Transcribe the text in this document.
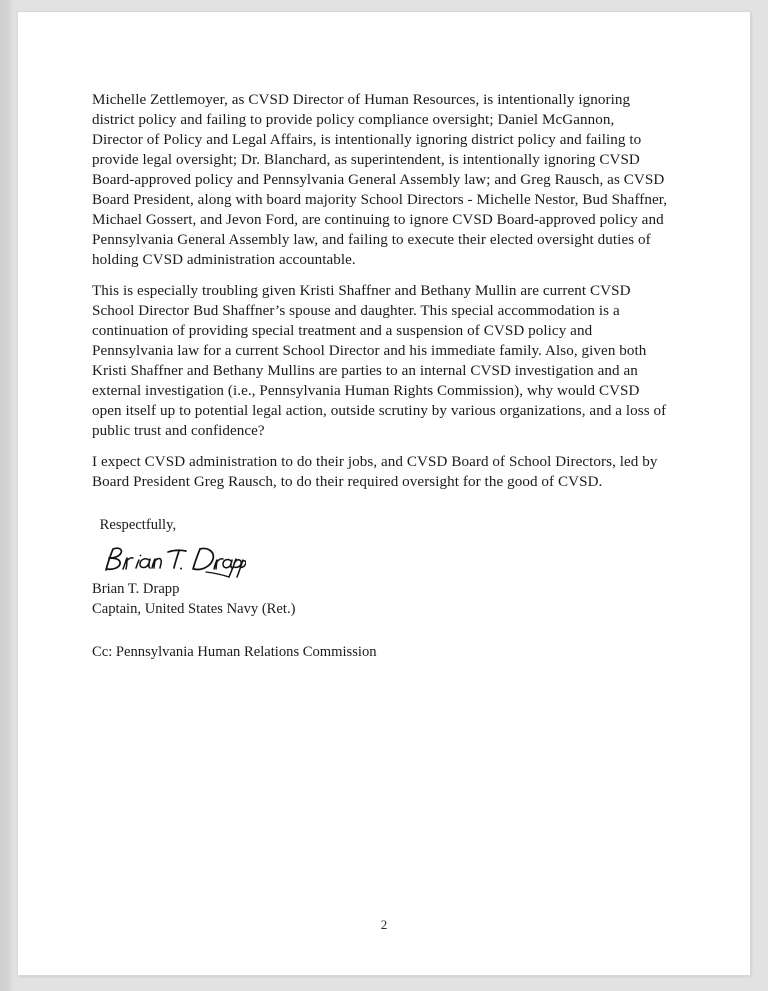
Michelle Zettlemoyer, as CVSD Director of Human Resources, is intentionally ignoring district policy and failing to provide policy compliance oversight; Daniel McGannon, Director of Policy and Legal Affairs, is intentionally ignoring district policy and failing to provide legal oversight; Dr. Blanchard, as superintendent, is intentionally ignoring CVSD Board-approved policy and Pennsylvania General Assembly law; and Greg Rausch, as CVSD Board President, along with board majority School Directors - Michelle Nestor, Bud Shaffner, Michael Gossert, and Jevon Ford, are continuing to ignore CVSD Board-approved policy and Pennsylvania General Assembly law, and failing to execute their elected oversight duties of holding CVSD administration accountable.

This is especially troubling given Kristi Shaffner and Bethany Mullin are current CVSD School Director Bud Shaffner’s spouse and daughter. This special accommodation is a continuation of providing special treatment and a suspension of CVSD policy and Pennsylvania law for a current School Director and his immediate family. Also, given both Kristi Shaffner and Bethany Mullins are parties to an internal CVSD investigation and an external investigation (i.e., Pennsylvania Human Rights Commission), why would CVSD open itself up to potential legal action, outside scrutiny by various organizations, and a loss of public trust and confidence?

I expect CVSD administration to do their jobs, and CVSD Board of School Directors, led by Board President Greg Rausch, to do their required oversight for the good of CVSD.

Respectfully,

Brian T. Drapp

Captain, United States Navy (Ret.)

Cc: Pennsylvania Human Relations Commission

2
